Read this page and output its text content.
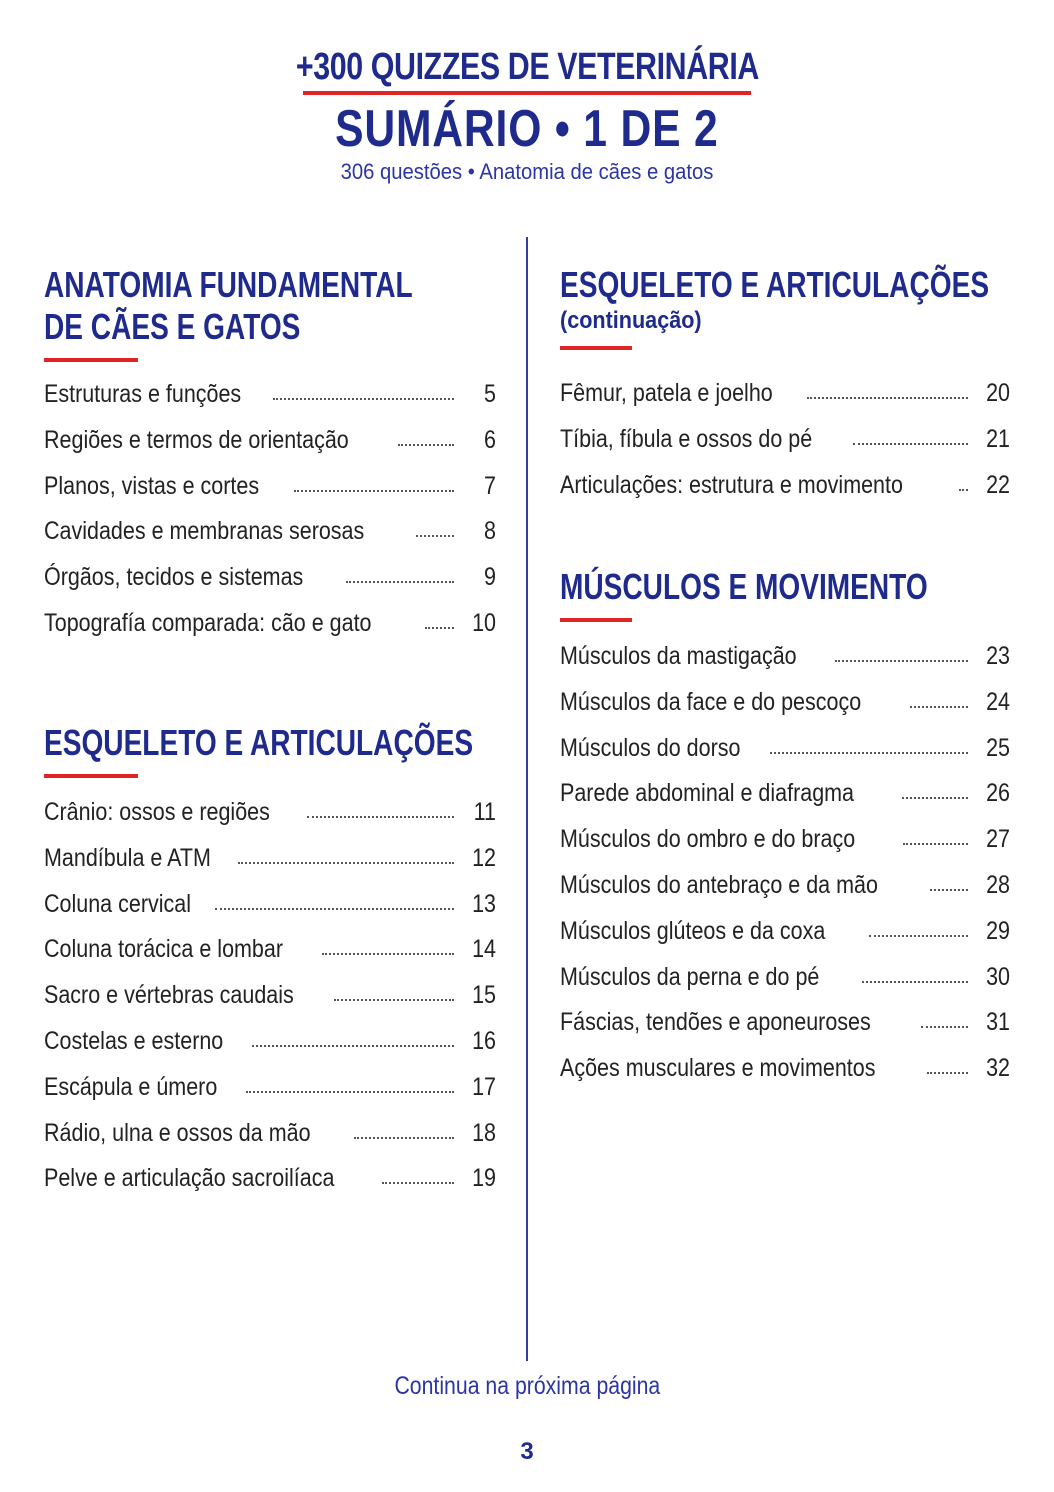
+300 QUIZZES DE VETERINÁRIA
SUMÁRIO • 1 DE 2
306 questões • Anatomia de cães e gatos
ANATOMIA FUNDAMENTAL
DE CÃES E GATOS
Estruturas e funções	5
Regiões e termos de orientação	6
Planos, vistas e cortes	7
Cavidades e membranas serosas	8
Órgãos, tecidos e sistemas	9
Topografía comparada: cão e gato	10
ESQUELETO E ARTICULAÇÕES
Crânio: ossos e regiões	11
Mandíbula e ATM	12
Coluna cervical	13
Coluna torácica e lombar	14
Sacro e vértebras caudais	15
Costelas e esterno	16
Escápula e úmero	17
Rádio, ulna e ossos da mão	18
Pelve e articulação sacroilíaca	19
ESQUELETO E ARTICULAÇÕES

(continuação)

Fêmur, patela e joelho	20
Tíbia, fíbula e ossos do pé	21
Articulações: estrutura e movimento	22
MÚSCULOS E MOVIMENTO
Músculos da mastigação	23
Músculos da face e do pescoço	24
Músculos do dorso	25
Parede abdominal e diafragma	26
Músculos do ombro e do braço	27
Músculos do antebraço e da mão	28
Músculos glúteos e da coxa	29
Músculos da perna e do pé	30
Fáscias, tendões e aponeuroses	31
Ações musculares e movimentos	32
Continua na próxima página
3
